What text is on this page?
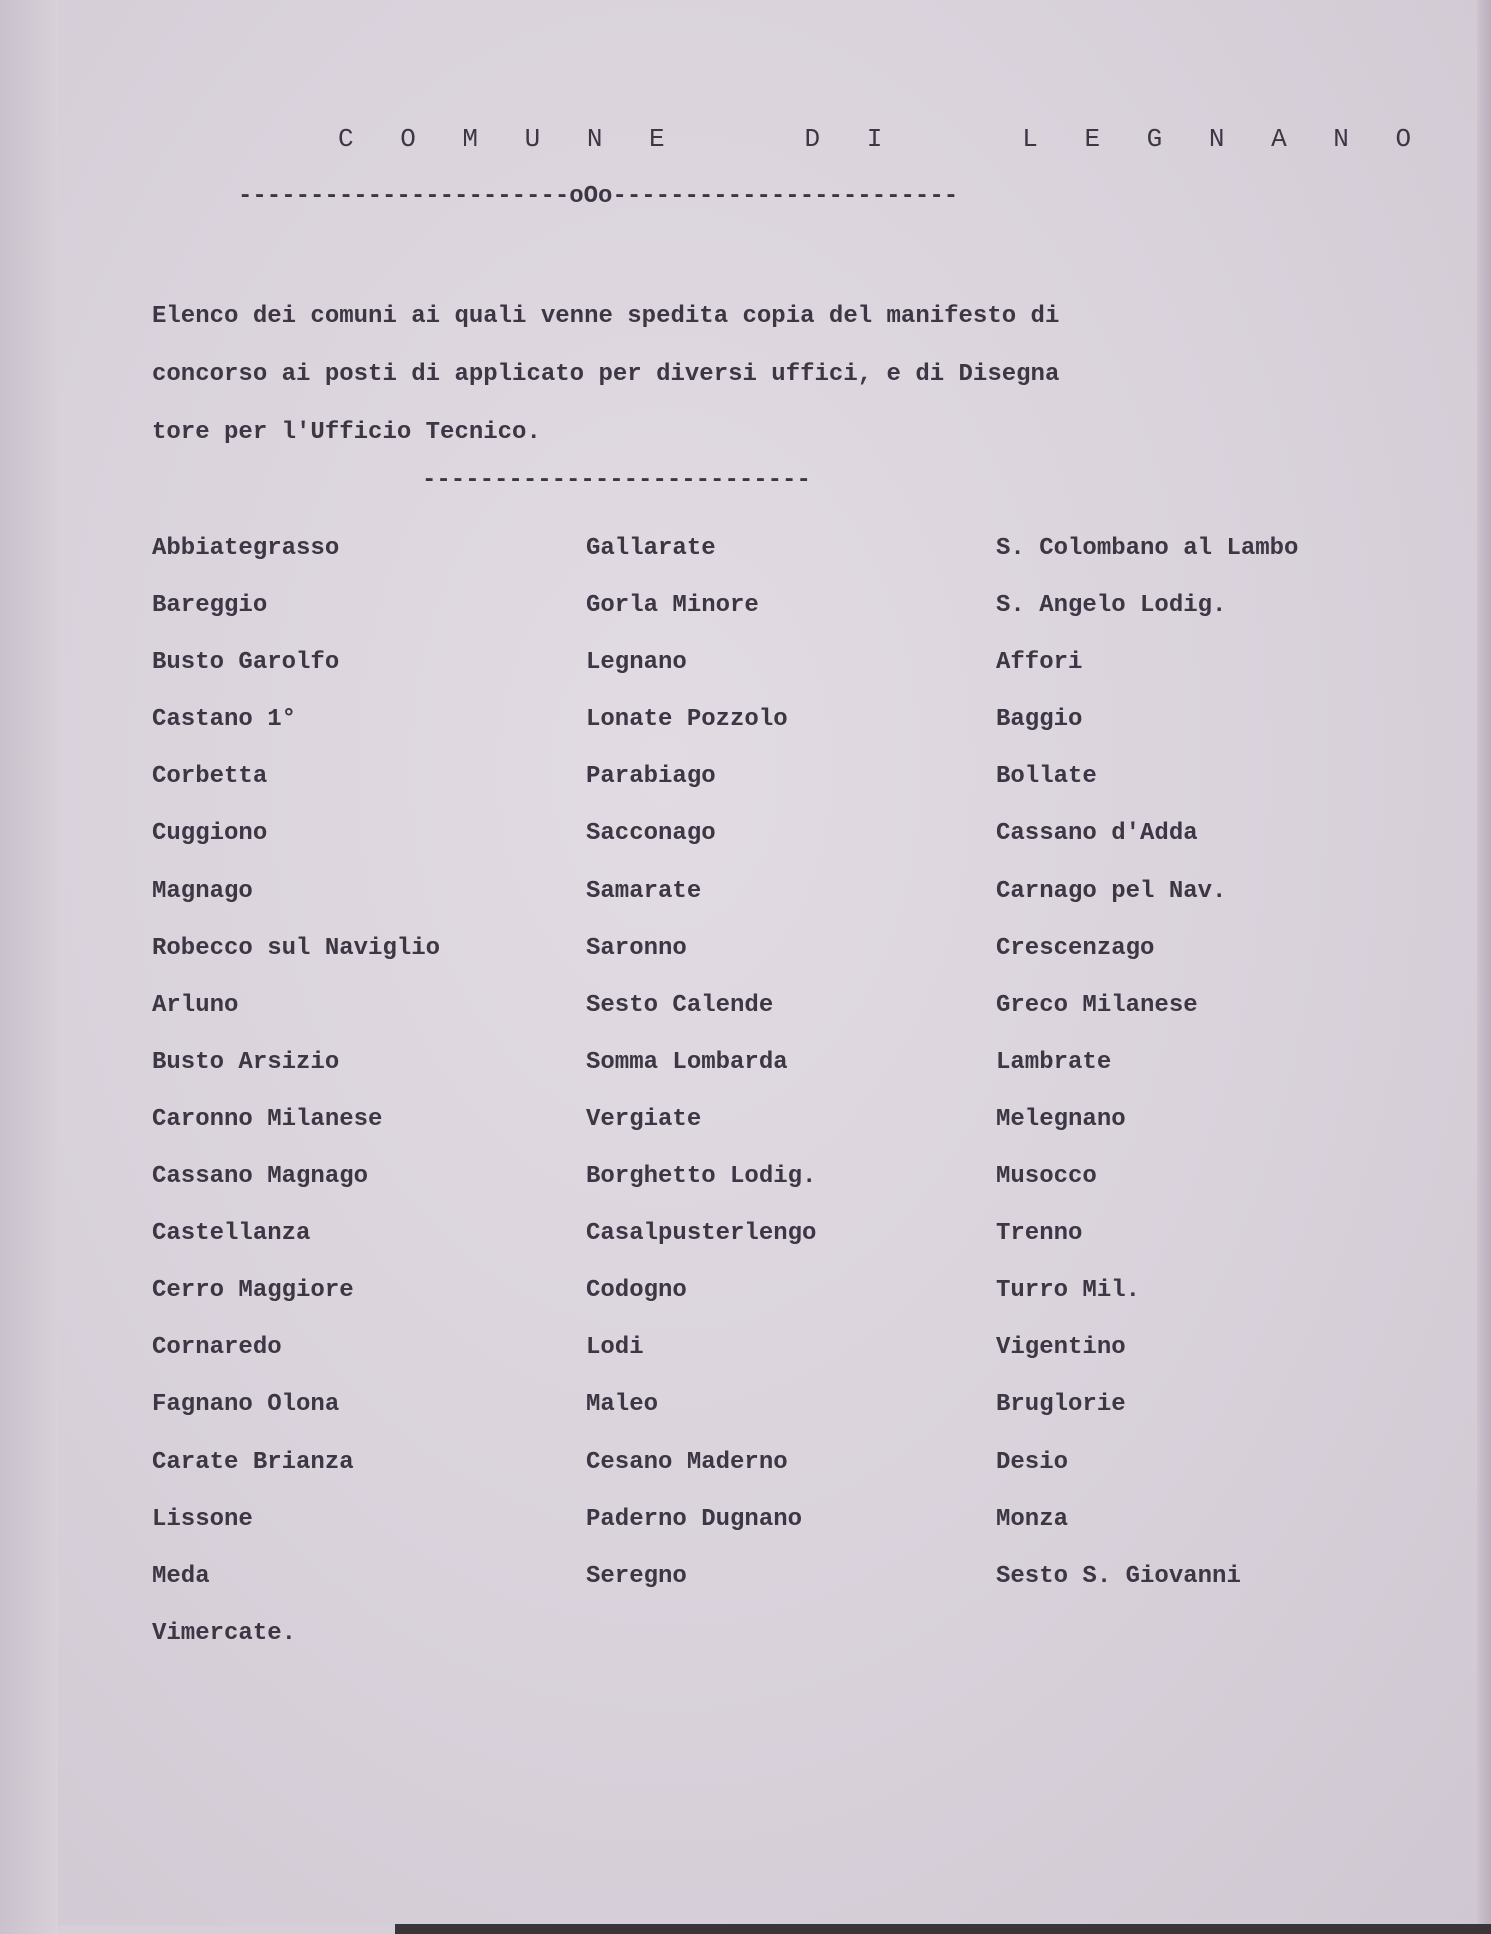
C O M U N E    D I    L E G N A N O
-----------------------oOo------------------------
Elenco dei comuni ai quali venne spedita copia del manifesto di
concorso ai posti di applicato per diversi uffici, e di Disegna
tore per l'Ufficio Tecnico.
---------------------------
Abbiategrasso
Bareggio
Busto Garolfo
Castano 1°
Corbetta
Cuggiono
Magnago
Robecco sul Naviglio
Arluno
Busto Arsizio
Caronno Milanese
Cassano Magnago
Castellanza
Cerro Maggiore
Cornaredo
Fagnano Olona
Carate Brianza
Lissone
Meda
Vimercate.
Gallarate
Gorla Minore
Legnano
Lonate Pozzolo
Parabiago
Sacconago
Samarate
Saronno
Sesto Calende
Somma Lombarda
Vergiate
Borghetto Lodig.
Casalpusterlengo
Codogno
Lodi
Maleo
Cesano Maderno
Paderno Dugnano
Seregno
S. Colombano al Lambo
S. Angelo Lodig.
Affori
Baggio
Bollate
Cassano d'Adda
Carnago pel Nav.
Crescenzago
Greco Milanese
Lambrate
Melegnano
Musocco
Trenno
Turro Mil.
Vigentino
Bruglorie
Desio
Monza
Sesto S. Giovanni
